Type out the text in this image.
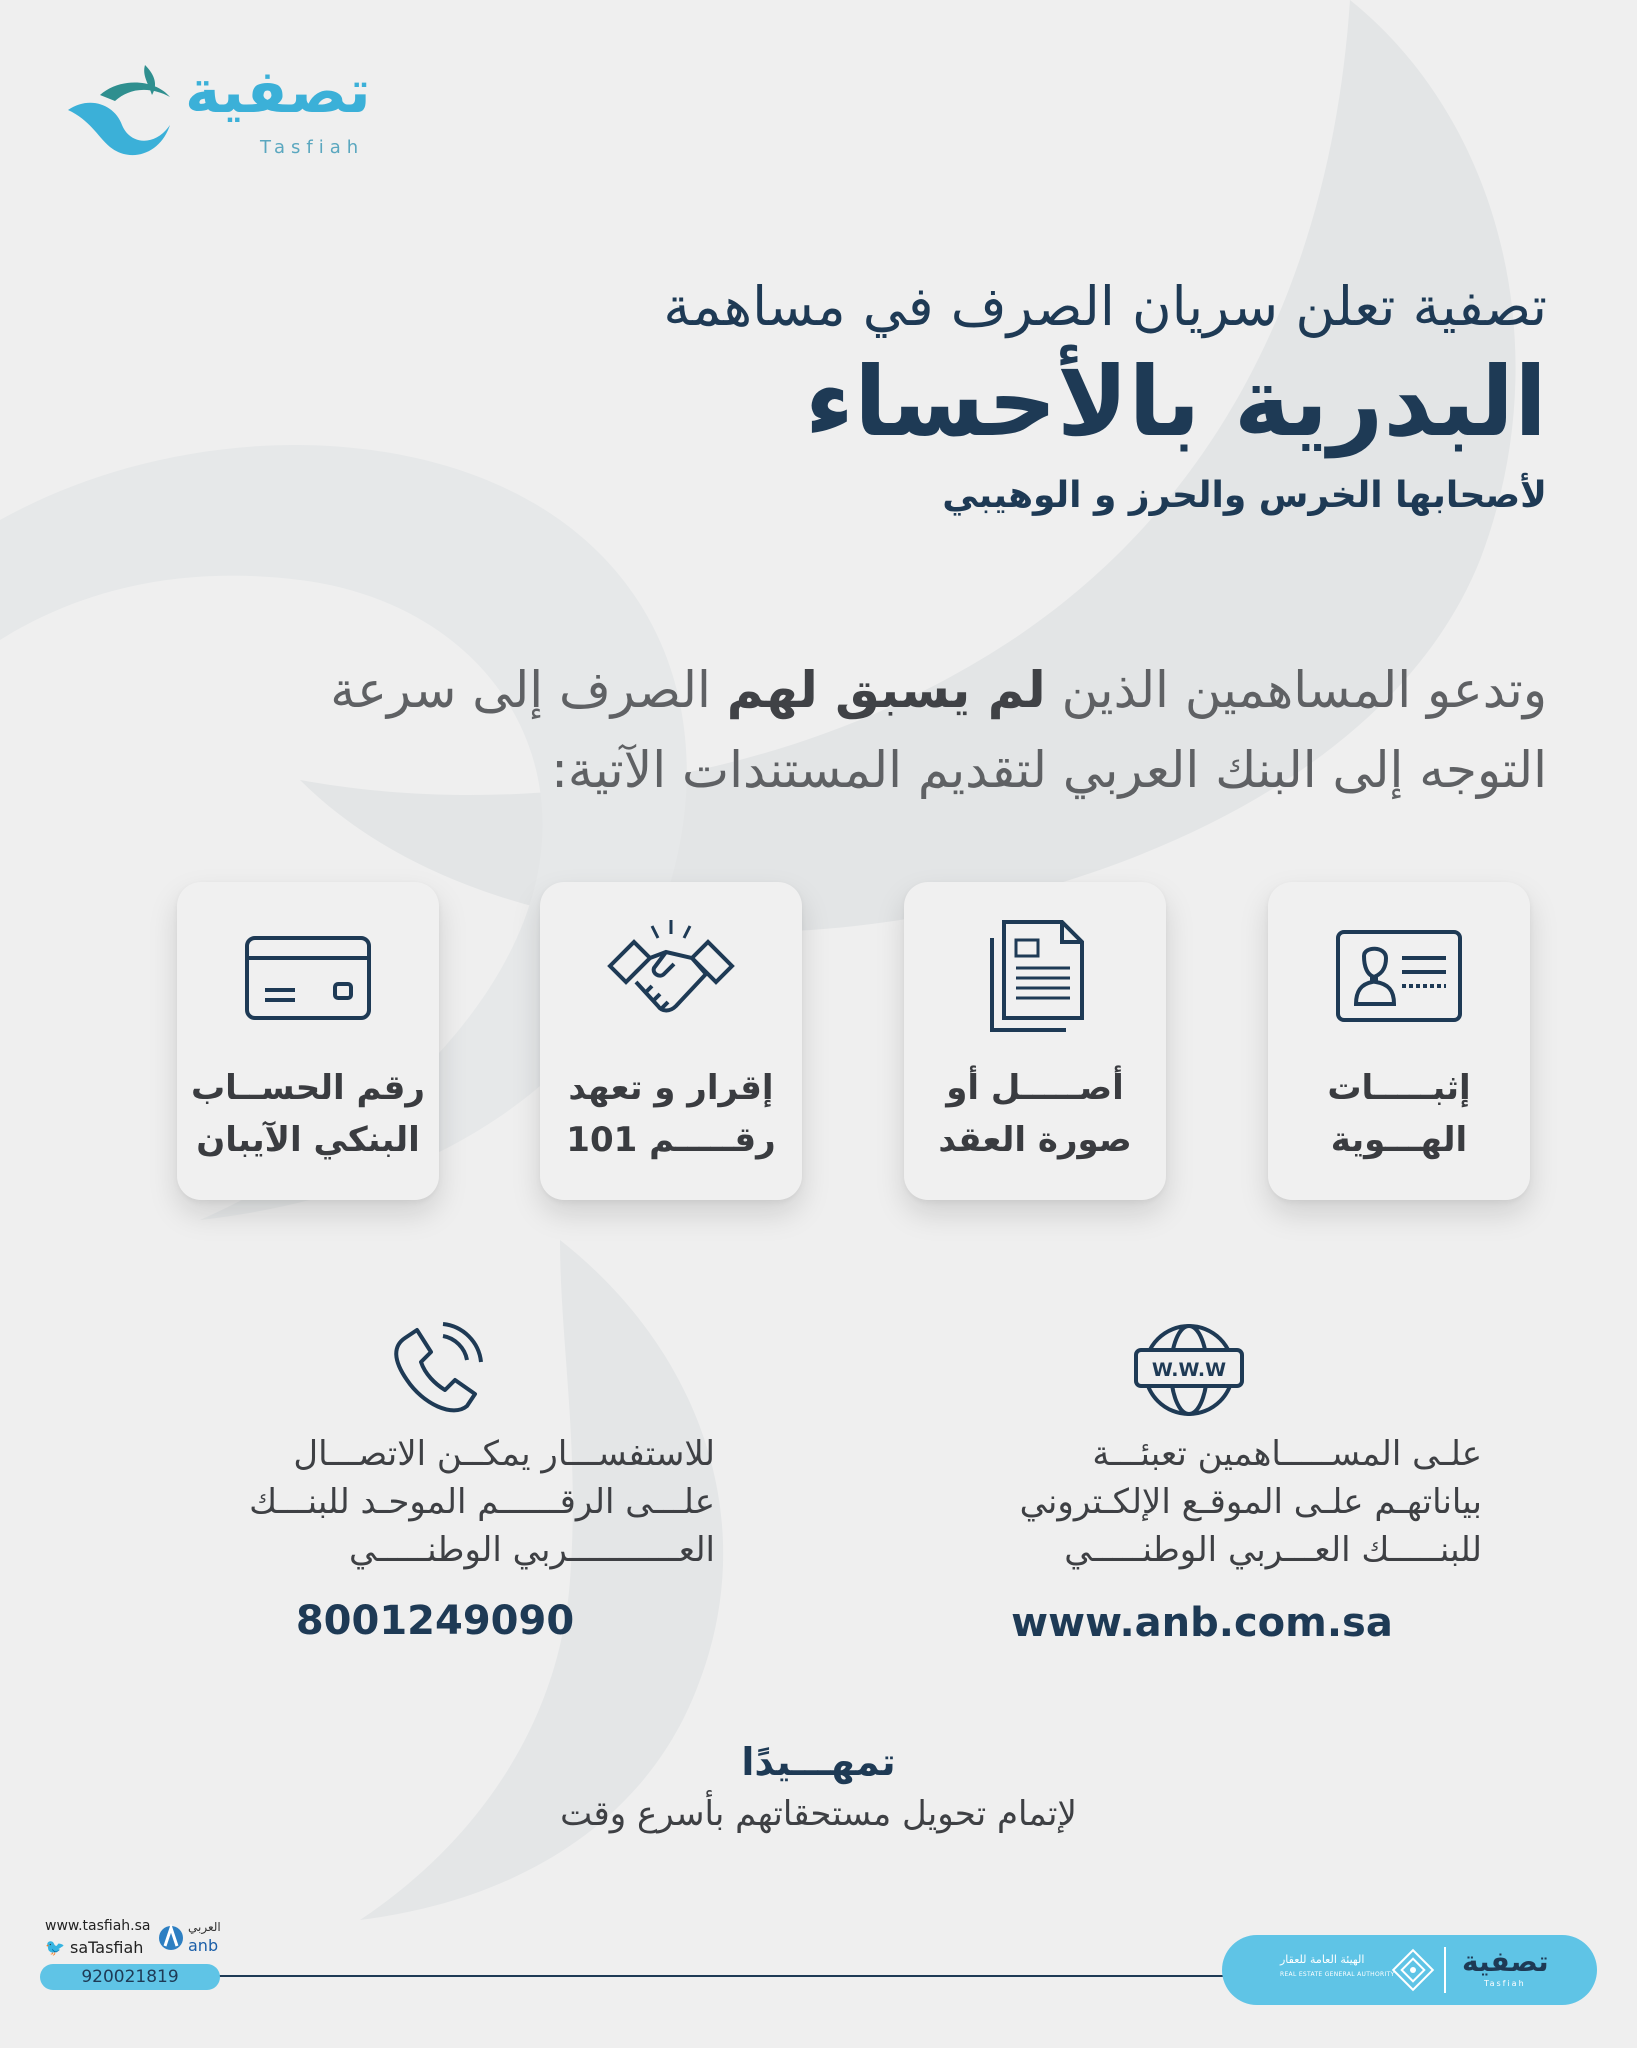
تصفية
Tasfiah

تصفية تعلن سريان الصرف في مساهمة

البدرية بالأحساء

لأصحابها الخرس والحرز و الوهيبي

وتدعو المساهمين الذين لم يسبق لهم الصرف إلى سرعة
التوجه إلى البنك العربي لتقديم المستندات الآتية:
إثبـــــات
الهـــوية
أصـــــل أو
صورة العقد
إقرار و تعهد
رقـــــم 101
رقم الحســاب
البنكي الآيبان
W.W.W
علـى المســـــاهمين تعبئـــة
بياناتهـم علـى الموقـع الإلكـتروني
للبنـــــك العـــربي الوطنـــــي
www.anb.com.sa
للاستفســـار يمكــن الاتصـــال
علـــى الرقــــــم الموحـد للبنـــك
العـــــــــــربي الوطنـــــي
8001249090
تمهـــيدًا
لإتمام تحويل مستحقاتهم بأسرع وقت
www.tasfiah.sa
🐦 saTasfiah
العربي
anb
920021819
الهيئة العامة للعقار
REAL ESTATE GENERAL AUTHORITY تصفية
Tasfiah
